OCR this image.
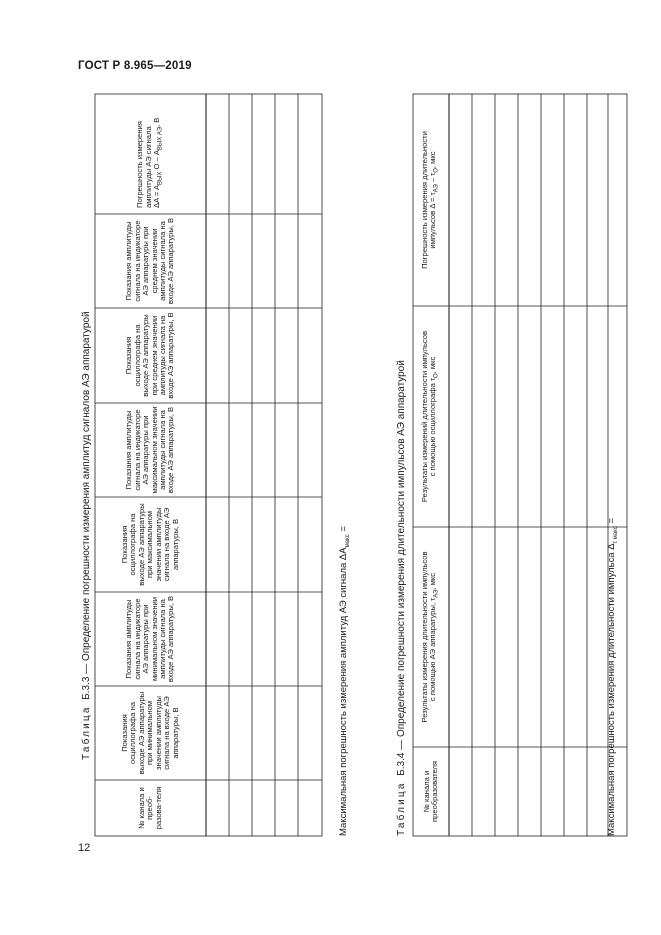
ГОСТ Р 8.965—2019
12
Таблица  Б.3.3 — Определение погрешности измерения амплитуд сигналов АЭ аппаратурой
№ канала и преоб-разова-теля
Показания осциллографа на выходе АЭ аппаратуры при минимальном значении амплитуды сигнала на входе АЭ аппаратуры, В
Показания амплитуды сигнала на индикаторе АЭ аппаратуры при минимальном значении амплитуды сигнала на входе АЭ аппаратуры, В
Показания осциллографа на выходе АЭ аппаратуры при максимальном значении амплитуды сигнала на входе АЭ аппаратуры, В
Показания амплитуды сигнала на индикаторе АЭ аппаратуры при максимальном значении амплитуды сигнала на входе АЭ аппаратуры, В
Показания осциллографа на выходе АЭ аппаратуры при среднем значении амплитуды сигнала на входе АЭ аппаратуры, В
Показания амплитуды сигнала на индикаторе АЭ аппаратуры при среднем значении амплитуды сигнала на входе АЭ аппаратуры, В
Погрешность измерения амплитуды АЭ сигнала $\Delta A = A_{ВЫХ}$ О – $A_{ВЫХ АЭ}$, В
Максимальная погрешность измерения амплитуд АЭ сигнала $\Delta A_{макс}$ =
Таблица  Б.3.4 — Определение погрешности измерения длительности импульсов АЭ аппаратурой
№ канала и преобразователя
Результаты измерения длительности импульсов с помощью АЭ аппаратуры, $\tau_{АЭ}$, мкс
Результаты измерений длительности импульсов с помощью осциллографа $\tau_О$, мкс
Погрешность измерения длительности импульсов $\Delta = \tau_{АЭ} - \tau_О$, мкс
Максимальная погрешность измерения длительности импульса $\Delta_{\tau макс}$ =
